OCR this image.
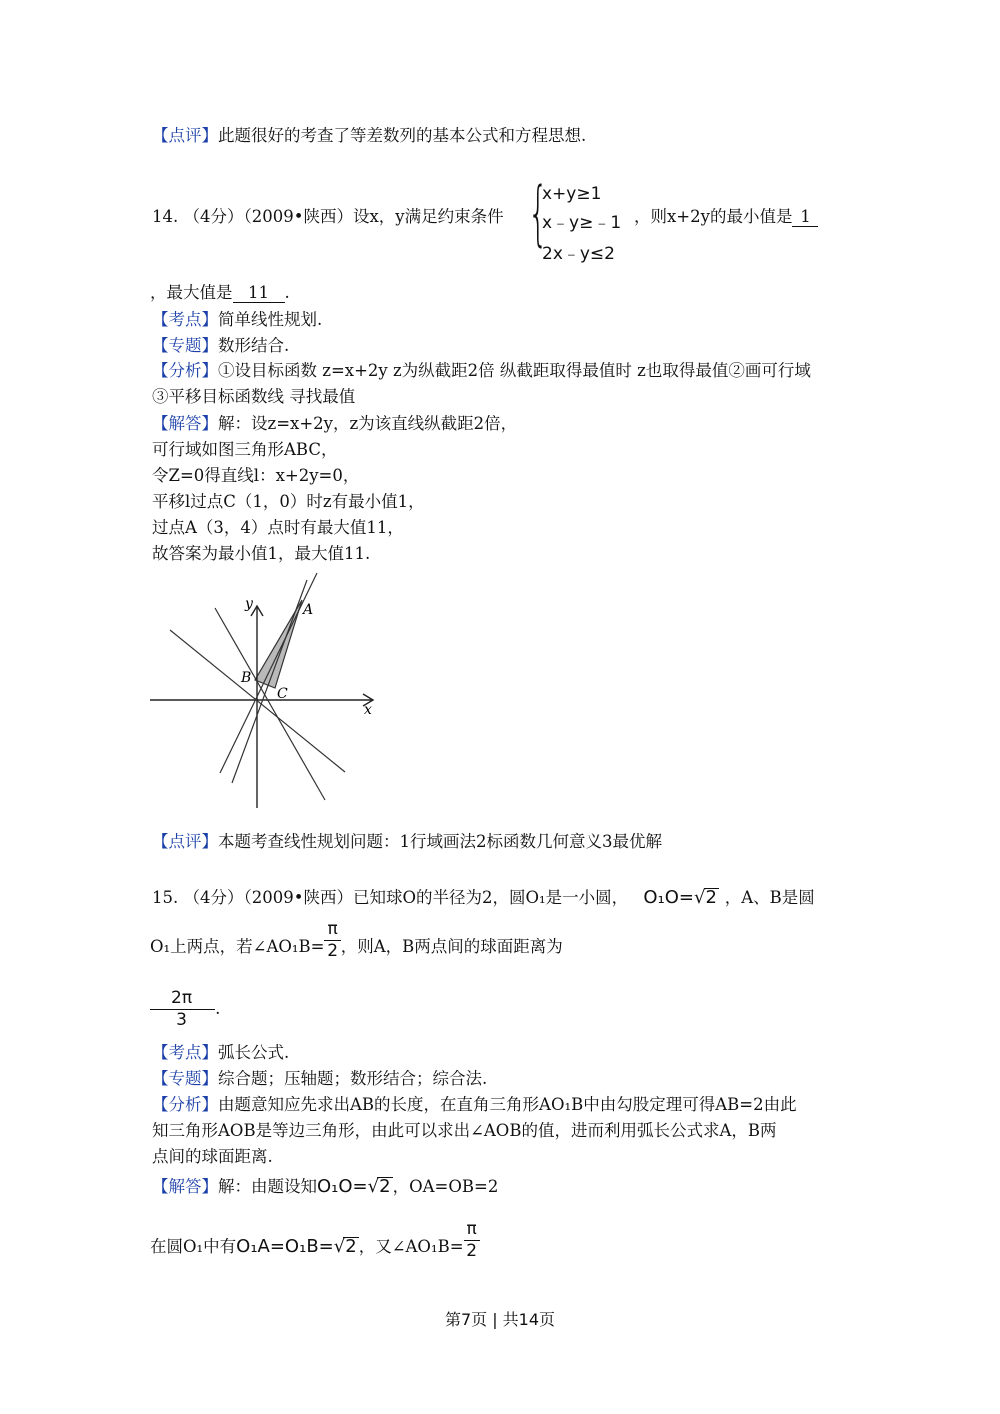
【点评】此题很好的考查了等差数列的基本公式和方程思想.
14. （4分）（2009•陕西）设x，y满足约束条件 {
x+y≥1
x﹣y≥﹣1
2x﹣y≤2
，则x+2y的最小值是 1
，最大值是 11 .
【考点】简单线性规划.
【专题】数形结合.
【分析】①设目标函数 z=x+2y z为纵截距2倍 纵截距取得最值时 z也取得最值②画可行域
③平移目标函数线 寻找最值
【解答】解：设z=x+2y，z为该直线纵截距2倍，
可行域如图三角形ABC，
令Z=0得直线l：x+2y=0，
平移l过点C（1，0）时z有最小值1，
过点A（3，4）点时有最大值11，
故答案为最小值1，最大值11.
A
B
C
x
y
【点评】本题考查线性规划问题：1行域画法2标函数几何意义3最优解
15. （4分）（2009•陕西）已知球O的半径为2，圆O₁是一小圆， O₁O=√2 ，A、B是圆
O₁上两点，若∠AO₁B= $\frac{\pi}{2}$ ，则A，B两点间的球面距离为
$\frac{2\pi}{3}$ .
【考点】弧长公式.
【专题】综合题；压轴题；数形结合；综合法.
【分析】由题意知应先求出AB的长度，在直角三角形AO₁B中由勾股定理可得AB=2由此
知三角形AOB是等边三角形，由此可以求出∠AOB的值，进而利用弧长公式求A，B两
点间的球面距离.
【解答】解：由题设知O₁O=√2 ，OA=OB=2
在圆O₁中有O₁A=O₁B=√2 ，又∠AO₁B= $\frac{\pi}{2}$
第7页 | 共14页
